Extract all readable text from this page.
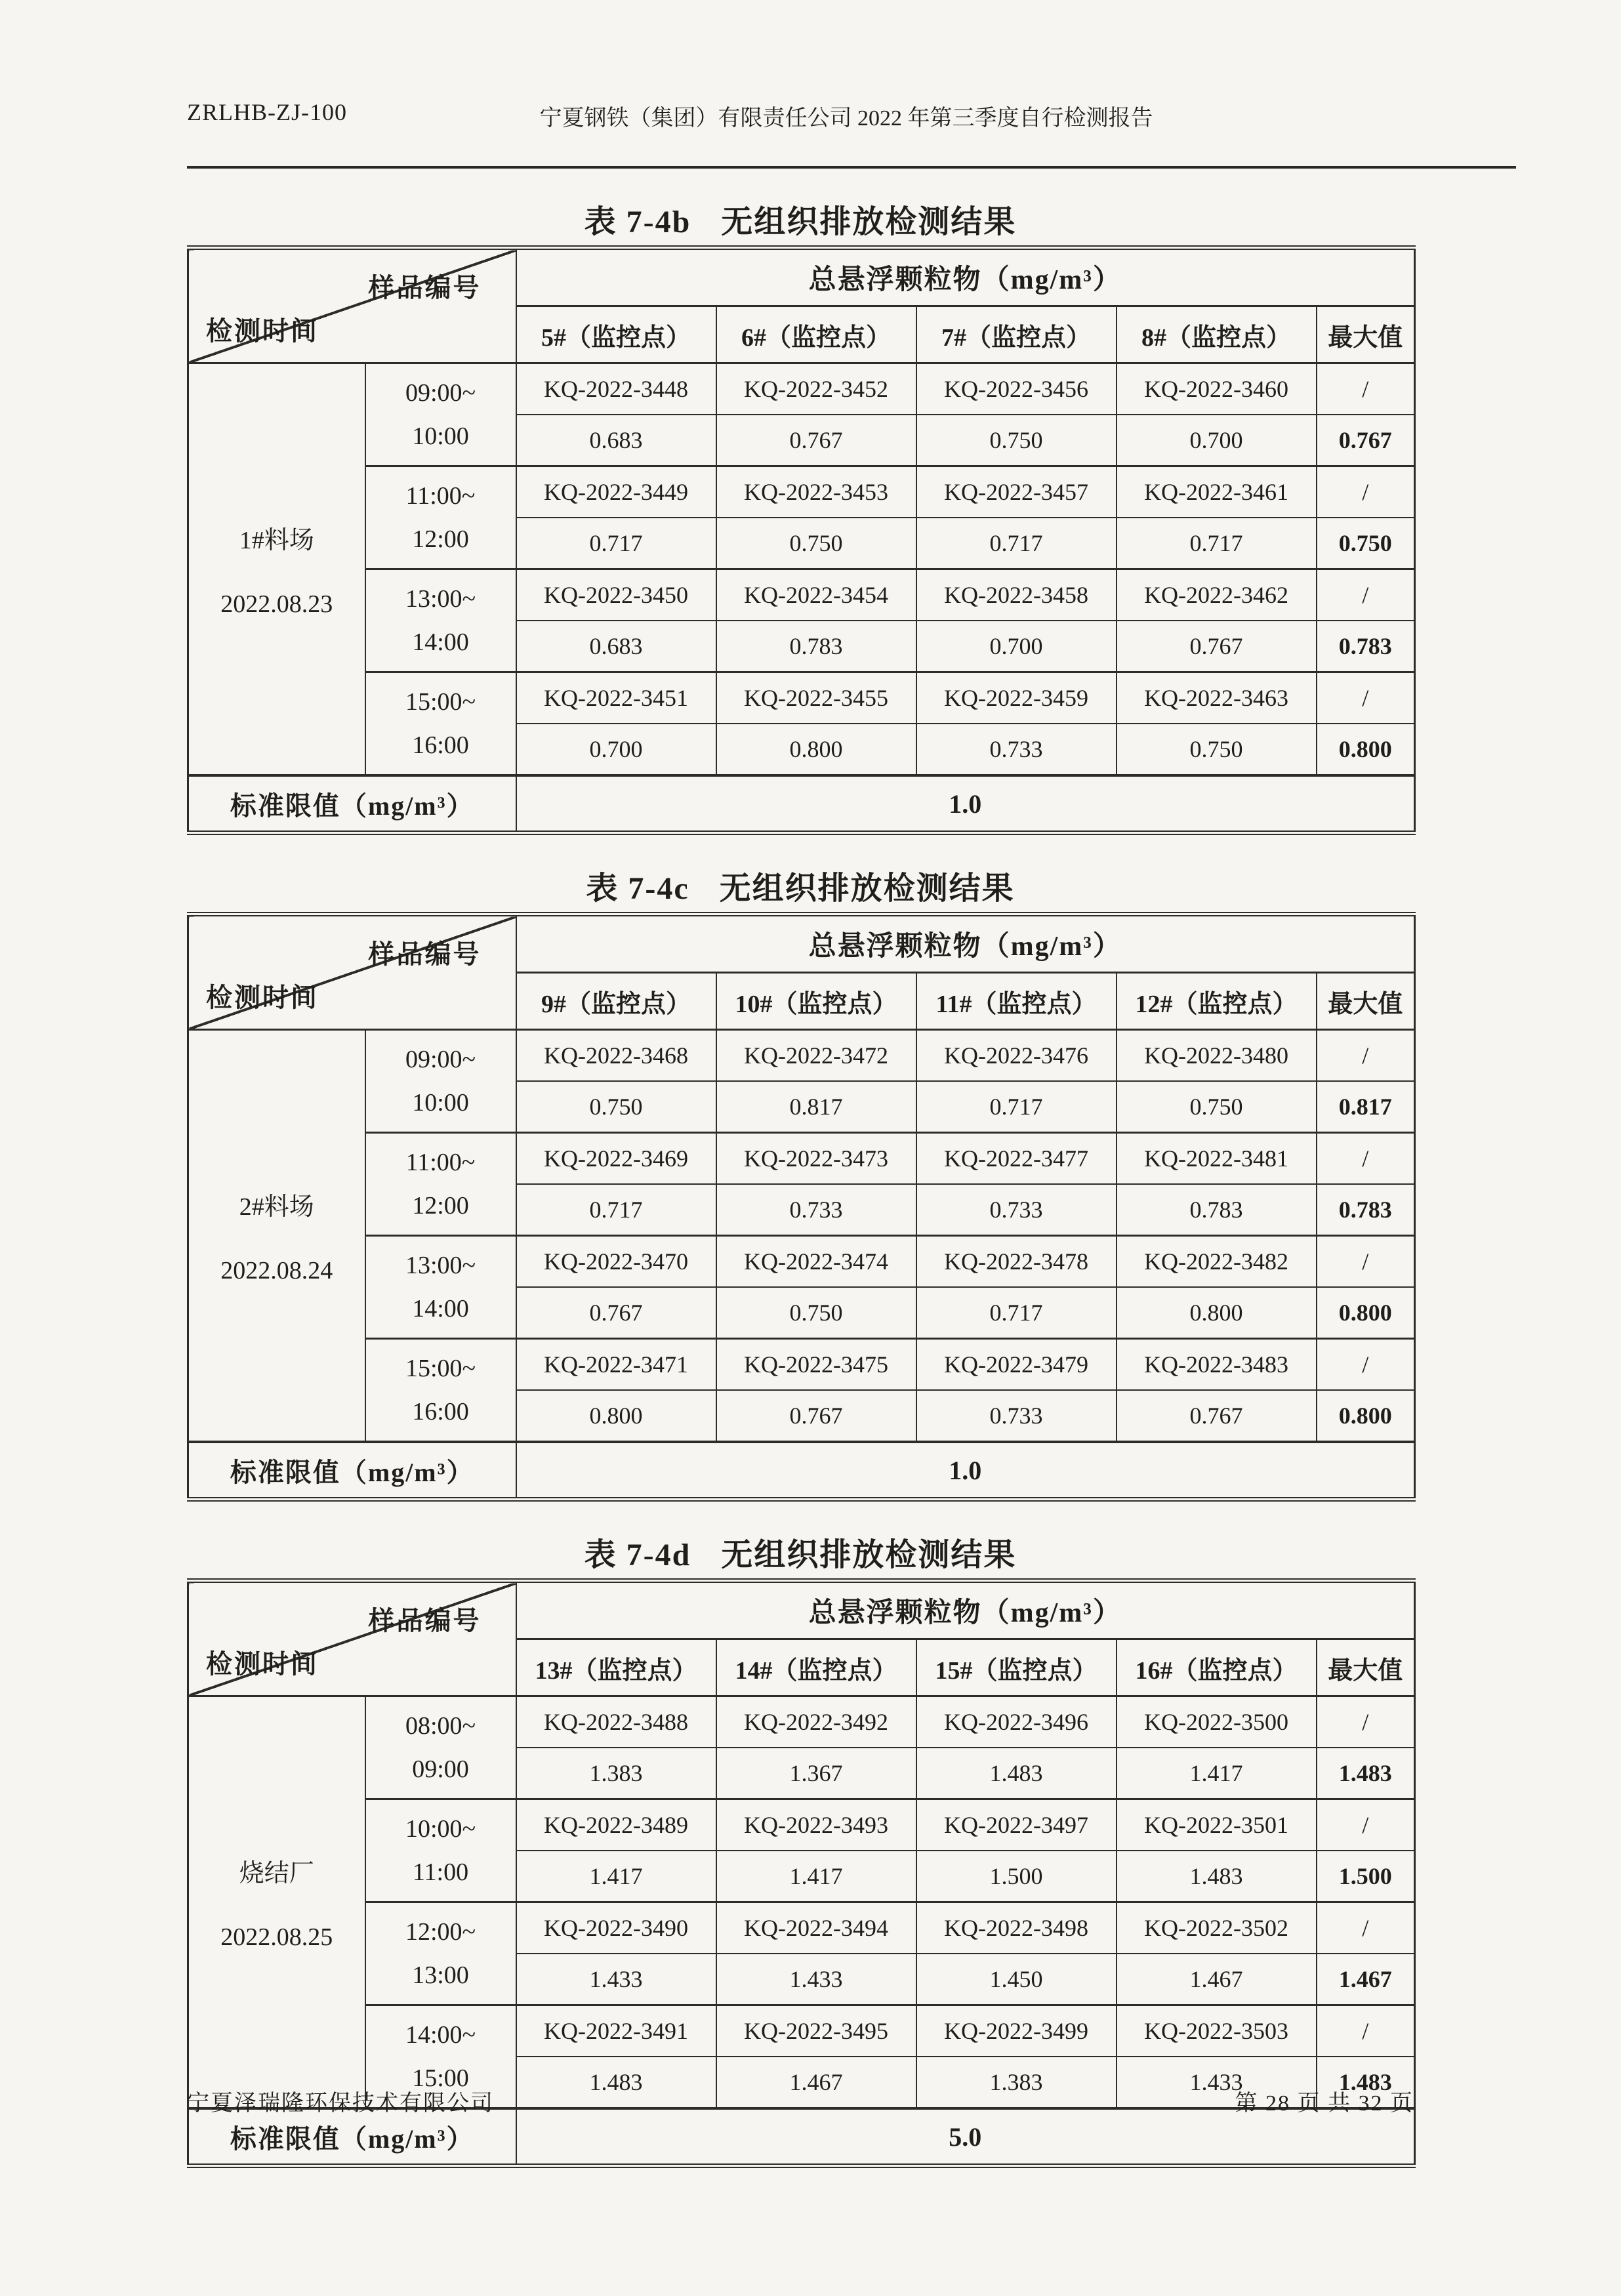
ZRLHB-ZJ-100	宁夏钢铁（集团）有限责任公司 2022 年第三季度自行检测报告
表 7-4b 无组织排放检测结果
样品编号
检测时间		总悬浮颗粒物（mg/m³）				
		5#（监控点）	6#（监控点）	7#（监控点）	8#（监控点）	最大值

1#料场
2022.08.23	09:00~
10:00	KQ-2022-3448	KQ-2022-3452	KQ-2022-3456	KQ-2022-3460	/
		0.683	0.767	0.750	0.700	0.767

	11:00~
12:00	KQ-2022-3449	KQ-2022-3453	KQ-2022-3457	KQ-2022-3461	/
		0.717	0.750	0.717	0.717	0.750

	13:00~
14:00	KQ-2022-3450	KQ-2022-3454	KQ-2022-3458	KQ-2022-3462	/
		0.683	0.783	0.700	0.767	0.783

	15:00~
16:00	KQ-2022-3451	KQ-2022-3455	KQ-2022-3459	KQ-2022-3463	/
		0.700	0.800	0.733	0.750	0.800
标准限值（mg/m³）		1.0				
表 7-4c 无组织排放检测结果
样品编号
检测时间		总悬浮颗粒物（mg/m³）				
		9#（监控点）	10#（监控点）	11#（监控点）	12#（监控点）	最大值

2#料场
2022.08.24	09:00~
10:00	KQ-2022-3468	KQ-2022-3472	KQ-2022-3476	KQ-2022-3480	/
		0.750	0.817	0.717	0.750	0.817

	11:00~
12:00	KQ-2022-3469	KQ-2022-3473	KQ-2022-3477	KQ-2022-3481	/
		0.717	0.733	0.733	0.783	0.783

	13:00~
14:00	KQ-2022-3470	KQ-2022-3474	KQ-2022-3478	KQ-2022-3482	/
		0.767	0.750	0.717	0.800	0.800

	15:00~
16:00	KQ-2022-3471	KQ-2022-3475	KQ-2022-3479	KQ-2022-3483	/
		0.800	0.767	0.733	0.767	0.800
标准限值（mg/m³）		1.0				
表 7-4d 无组织排放检测结果
样品编号
检测时间		总悬浮颗粒物（mg/m³）				
		13#（监控点）	14#（监控点）	15#（监控点）	16#（监控点）	最大值

烧结厂
2022.08.25	08:00~
09:00	KQ-2022-3488	KQ-2022-3492	KQ-2022-3496	KQ-2022-3500	/
		1.383	1.367	1.483	1.417	1.483

	10:00~
11:00	KQ-2022-3489	KQ-2022-3493	KQ-2022-3497	KQ-2022-3501	/
		1.417	1.417	1.500	1.483	1.500

	12:00~
13:00	KQ-2022-3490	KQ-2022-3494	KQ-2022-3498	KQ-2022-3502	/
		1.433	1.433	1.450	1.467	1.467

	14:00~
15:00	KQ-2022-3491	KQ-2022-3495	KQ-2022-3499	KQ-2022-3503	/
		1.483	1.467	1.383	1.433	1.483
标准限值（mg/m³）		5.0				
宁夏泽瑞隆环保技术有限公司	第 28 页 共 32 页
